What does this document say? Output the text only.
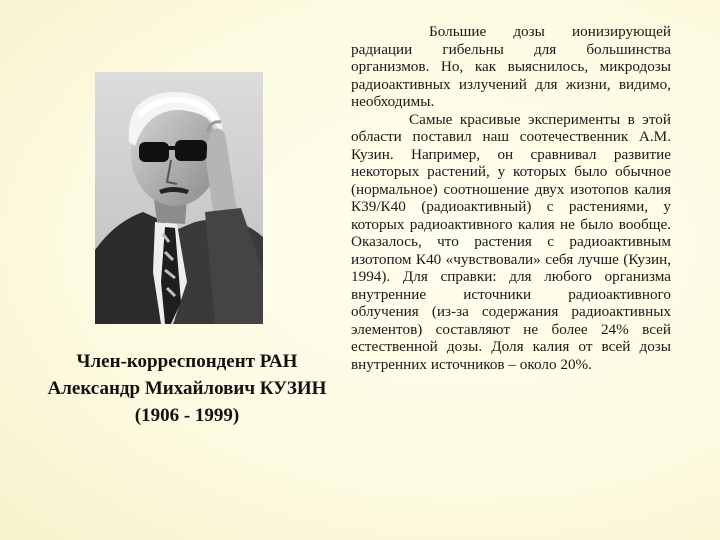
Член-корреспондент РАН
Александр Михайлович КУЗИН
(1906 - 1999)

Большие дозы ионизирующей радиации гибельны для большинства организмов. Но, как выяснилось, микродозы радиоактивных излучений для жизни, видимо, необходимы.

Самые красивые эксперименты в этой области поставил наш соотечественник А.М. Кузин. Например, он сравнивал развитие некоторых растений, у которых было обычное (нормальное) соотношение двух изотопов калия К39/К40 (радиоактивный) с растениями, у которых радиоактивного калия не было вообще. Оказалось, что растения с радиоактивным изотопом К40 «чувствовали» себя лучше (Кузин, 1994). Для справки: для любого организма внутренние источники радиоактивного облучения (из-за содержания радиоактивных элементов) составляют не более 24% всей естественной дозы. Доля калия от всей дозы внутренних источников – около 20%.
